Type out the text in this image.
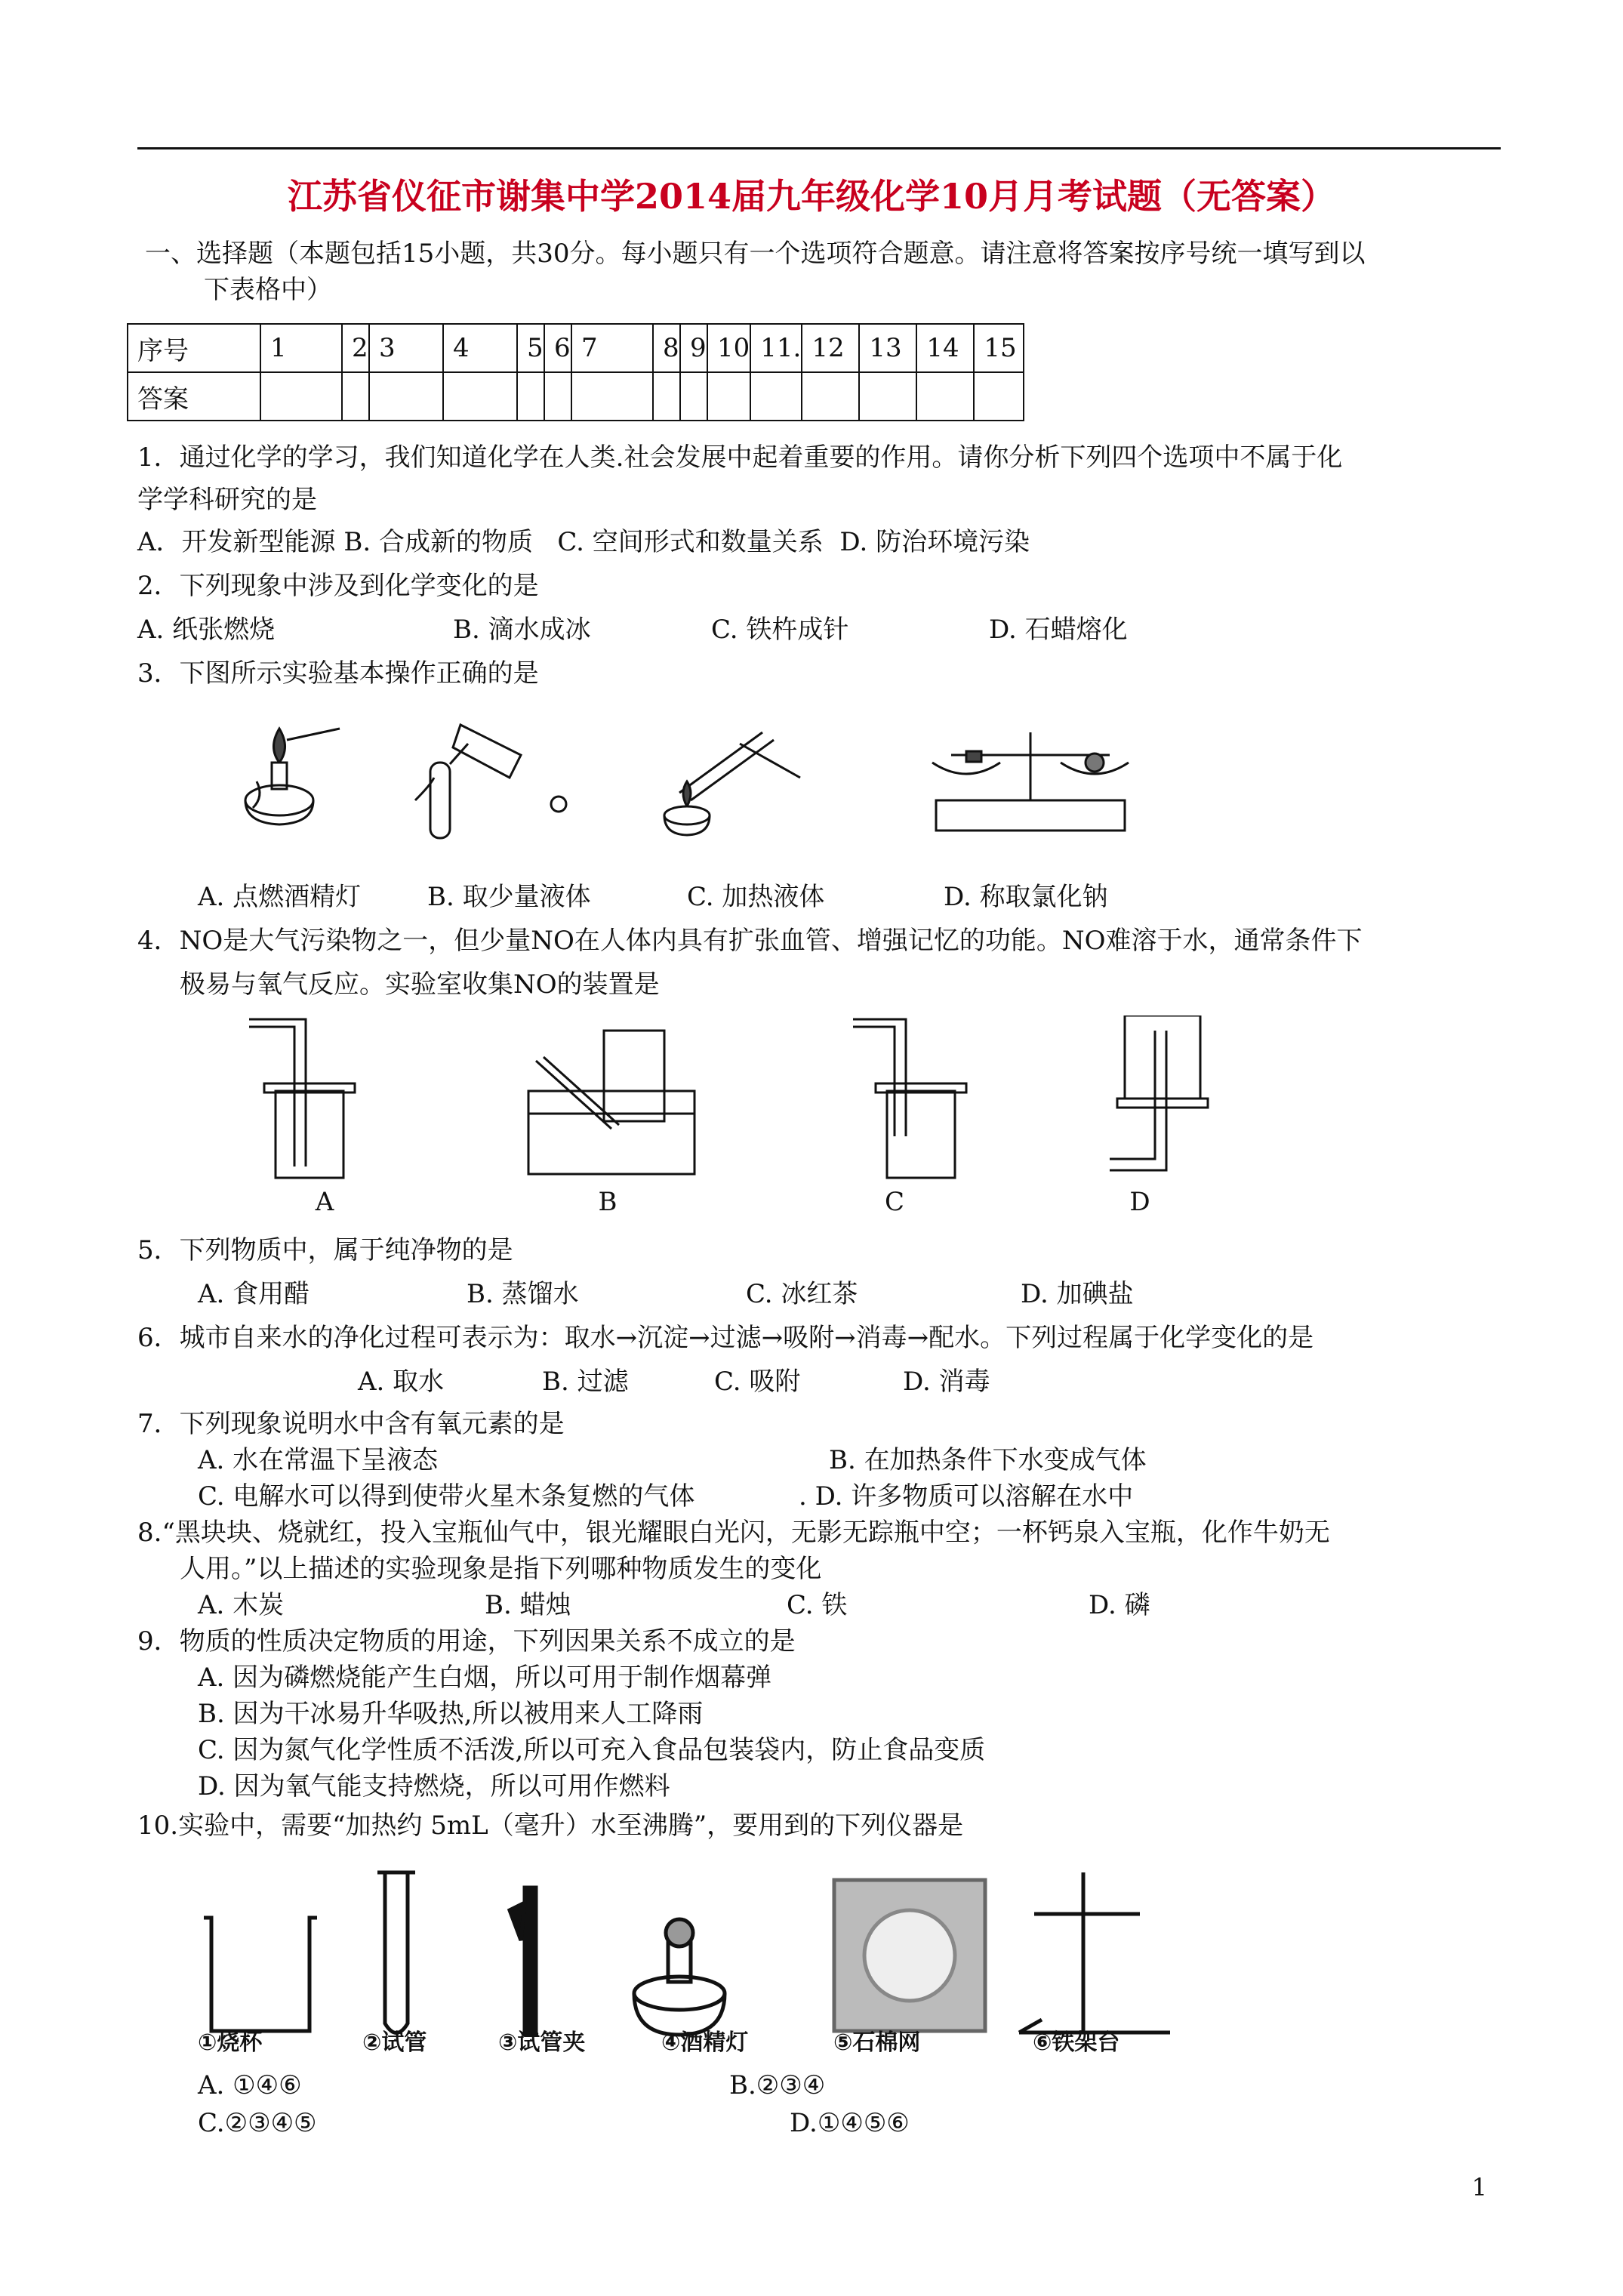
江苏省仪征市谢集中学2014届九年级化学10月月考试题（无答案）
一、选择题（本题包括15小题，共30分。每小题只有一个选项符合题意。请注意将答案按序号统一填写到以
下表格中）
序号	1	2	3	4	5	6	7	8	9	10	11.	12	13	14	15
答案															
1．通过化学的学习，我们知道化学在人类.社会发展中起着重要的作用。请你分析下列四个选项中不属于化
学学科研究的是
A．开发新型能源 B. 合成新的物质   C. 空间形式和数量关系  D. 防治环境污染
2．下列现象中涉及到化学变化的是
A. 纸张燃烧	B. 滴水成冰	C. 铁杵成针	D. 石蜡熔化
3．下图所示实验基本操作正确的是
A. 点燃酒精灯	B. 取少量液体	C. 加热液体	D. 称取氯化钠
4．NO是大气污染物之一，但少量NO在人体内具有扩张血管、增强记忆的功能。NO难溶于水，通常条件下
极易与氧气反应。实验室收集NO的装置是
A	B	C	D
5．下列物质中，属于纯净物的是
A. 食用醋	B. 蒸馏水	C. 冰红茶	D. 加碘盐
6．城市自来水的净化过程可表示为：取水→沉淀→过滤→吸附→消毒→配水。下列过程属于化学变化的是
A. 取水	B. 过滤	C. 吸附	D. 消毒
7．下列现象说明水中含有氧元素的是
A. 水在常温下呈液态	B. 在加热条件下水变成气体
C. 电解水可以得到使带火星木条复燃的气体	. D. 许多物质可以溶解在水中
8.“黑块块、烧就红，投入宝瓶仙气中，银光耀眼白光闪，无影无踪瓶中空；一杯钙泉入宝瓶，化作牛奶无
人用。”以上描述的实验现象是指下列哪种物质发生的变化
A. 木炭	B. 蜡烛	C. 铁	D. 磷
9．物质的性质决定物质的用途，下列因果关系不成立的是
A. 因为磷燃烧能产生白烟，所以可用于制作烟幕弹
B. 因为干冰易升华吸热,所以被用来人工降雨
C. 因为氮气化学性质不活泼,所以可充入食品包装袋内，防止食品变质
D. 因为氧气能支持燃烧，所以可用作燃料
10.实验中，需要“加热约 5mL（毫升）水至沸腾”，要用到的下列仪器是
①烧杯	②试管	③试管夹	④酒精灯	⑤石棉网	⑥铁架台
A. ①④⑥	B.②③④
C.②③④⑤	D.①④⑤⑥
1
